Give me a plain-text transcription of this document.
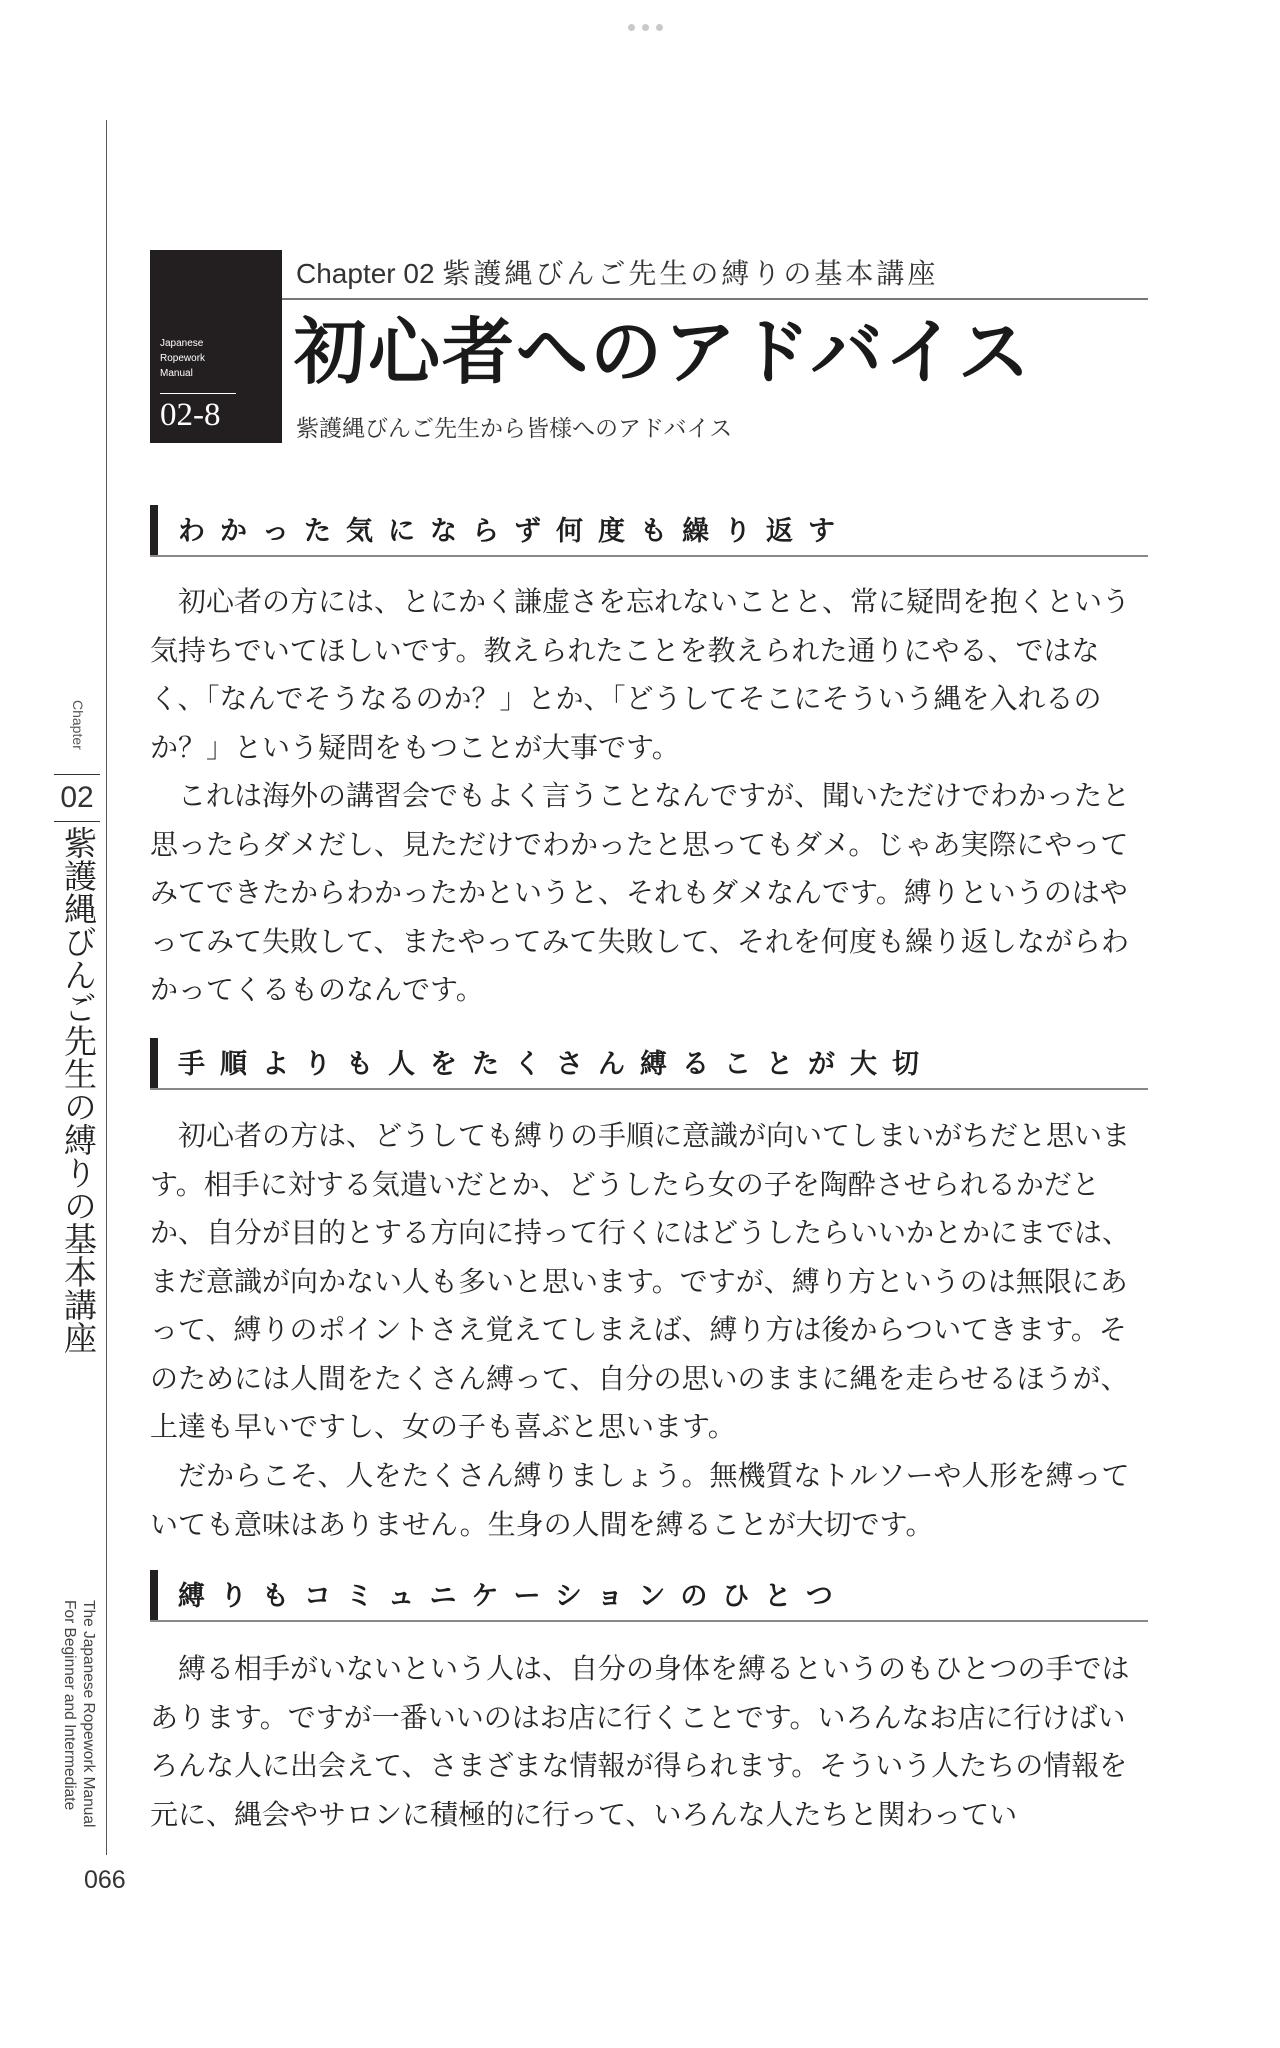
Chapter
02
紫護縄びんご先生の縛りの基本講座
The Japanese Ropework Manual
For Beginner and Intermediate
066
Japanese
Ropework
Manual
02-8
Chapter 02 紫護縄びんご先生の縛りの基本講座
初心者へのアドバイス
紫護縄びんご先生から皆様へのアドバイス
わかった気にならず何度も繰り返す

　初心者の方には、とにかく謙虚さを忘れないことと、常に疑問を抱くという気持ちでいてほしいです。教えられたことを教えられた通りにやる、ではなく、「なんでそうなるのか？」とか、「どうしてそこにそういう縄を入れるのか？」という疑問をもつことが大事です。

　これは海外の講習会でもよく言うことなんですが、聞いただけでわかったと思ったらダメだし、見ただけでわかったと思ってもダメ。じゃあ実際にやってみてできたからわかったかというと、それもダメなんです。縛りというのはやってみて失敗して、またやってみて失敗して、それを何度も繰り返しながらわかってくるものなんです。

手順よりも人をたくさん縛ることが大切

　初心者の方は、どうしても縛りの手順に意識が向いてしまいがちだと思います。相手に対する気遣いだとか、どうしたら女の子を陶酔させられるかだとか、自分が目的とする方向に持って行くにはどうしたらいいかとかにまでは、まだ意識が向かない人も多いと思います。ですが、縛り方というのは無限にあって、縛りのポイントさえ覚えてしまえば、縛り方は後からついてきます。そのためには人間をたくさん縛って、自分の思いのままに縄を走らせるほうが、上達も早いですし、女の子も喜ぶと思います。

　だからこそ、人をたくさん縛りましょう。無機質なトルソーや人形を縛っていても意味はありません。生身の人間を縛ることが大切です。

縛りもコミュニケーションのひとつ

　縛る相手がいないという人は、自分の身体を縛るというのもひとつの手ではあります。ですが一番いいのはお店に行くことです。いろんなお店に行けばいろんな人に出会えて、さまざまな情報が得られます。そういう人たちの情報を元に、縄会やサロンに積極的に行って、いろんな人たちと関わってい
